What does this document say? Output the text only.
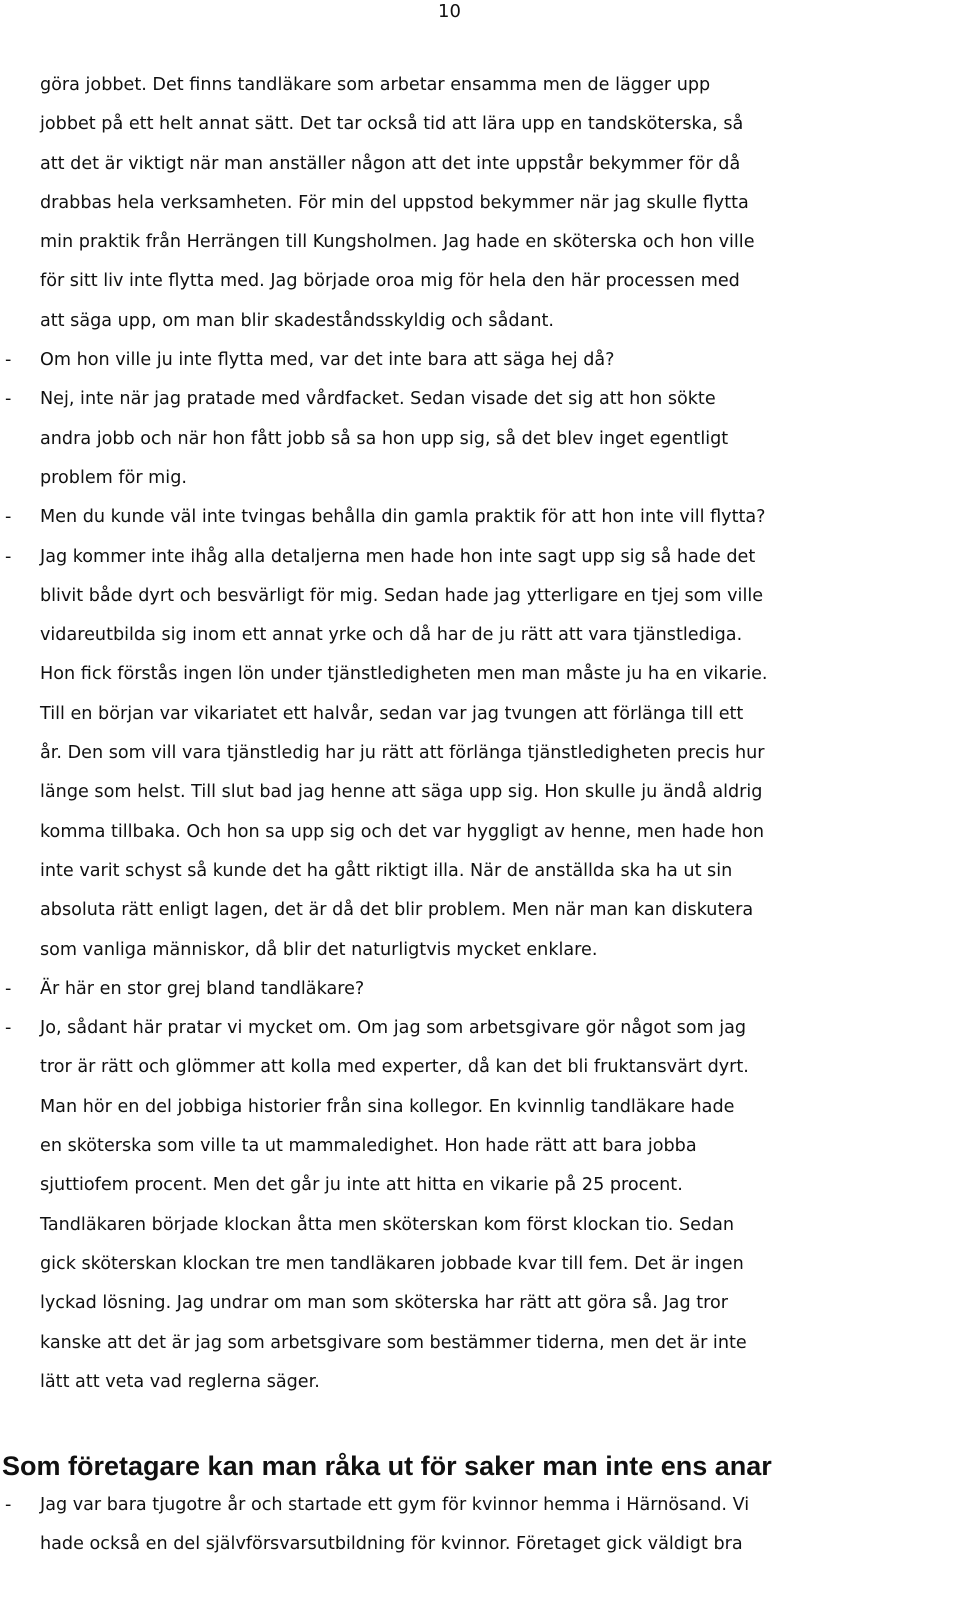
10
göra jobbet. Det finns tandläkare som arbetar ensamma men de lägger upp
jobbet på ett helt annat sätt. Det tar också tid att lära upp en tandsköterska, så
att det är viktigt när man anställer någon att det inte uppstår bekymmer för då
drabbas hela verksamheten. För min del uppstod bekymmer när jag skulle flytta
min praktik från Herrängen till Kungsholmen. Jag hade en sköterska och hon ville
för sitt liv inte flytta med. Jag började oroa mig för hela den här processen med
att säga upp, om man blir skadeståndsskyldig och sådant.
- Om hon ville ju inte flytta med, var det inte bara att säga hej då?
- Nej, inte när jag pratade med vårdfacket. Sedan visade det sig att hon sökte
andra jobb och när hon fått jobb så sa hon upp sig, så det blev inget egentligt
problem för mig.
- Men du kunde väl inte tvingas behålla din gamla praktik för att hon inte vill flytta?
- Jag kommer inte ihåg alla detaljerna men hade hon inte sagt upp sig så hade det
blivit både dyrt och besvärligt för mig. Sedan hade jag ytterligare en tjej som ville
vidareutbilda sig inom ett annat yrke och då har de ju rätt att vara tjänstlediga.
Hon fick förstås ingen lön under tjänstledigheten men man måste ju ha en vikarie.
Till en början var vikariatet ett halvår, sedan var jag tvungen att förlänga till ett
år. Den som vill vara tjänstledig har ju rätt att förlänga tjänstledigheten precis hur
länge som helst. Till slut bad jag henne att säga upp sig. Hon skulle ju ändå aldrig
komma tillbaka. Och hon sa upp sig och det var hyggligt av henne, men hade hon
inte varit schyst så kunde det ha gått riktigt illa. När de anställda ska ha ut sin
absoluta rätt enligt lagen, det är då det blir problem. Men när man kan diskutera
som vanliga människor, då blir det naturligtvis mycket enklare.
- Är här en stor grej bland tandläkare?
- Jo, sådant här pratar vi mycket om. Om jag som arbetsgivare gör något som jag
tror är rätt och glömmer att kolla med experter, då kan det bli fruktansvärt dyrt.
Man hör en del jobbiga historier från sina kollegor. En kvinnlig tandläkare hade
en sköterska som ville ta ut mammaledighet. Hon hade rätt att bara jobba
sjuttiofem procent. Men det går ju inte att hitta en vikarie på 25 procent.
Tandläkaren började klockan åtta men sköterskan kom först klockan tio. Sedan
gick sköterskan klockan tre men tandläkaren jobbade kvar till fem. Det är ingen
lyckad lösning. Jag undrar om man som sköterska har rätt att göra så. Jag tror
kanske att det är jag som arbetsgivare som bestämmer tiderna, men det är inte
lätt att veta vad reglerna säger.
Som företagare kan man råka ut för saker man inte ens anar
- Jag var bara tjugotre år och startade ett gym för kvinnor hemma i Härnösand. Vi
hade också en del självförsvarsutbildning för kvinnor. Företaget gick väldigt bra
